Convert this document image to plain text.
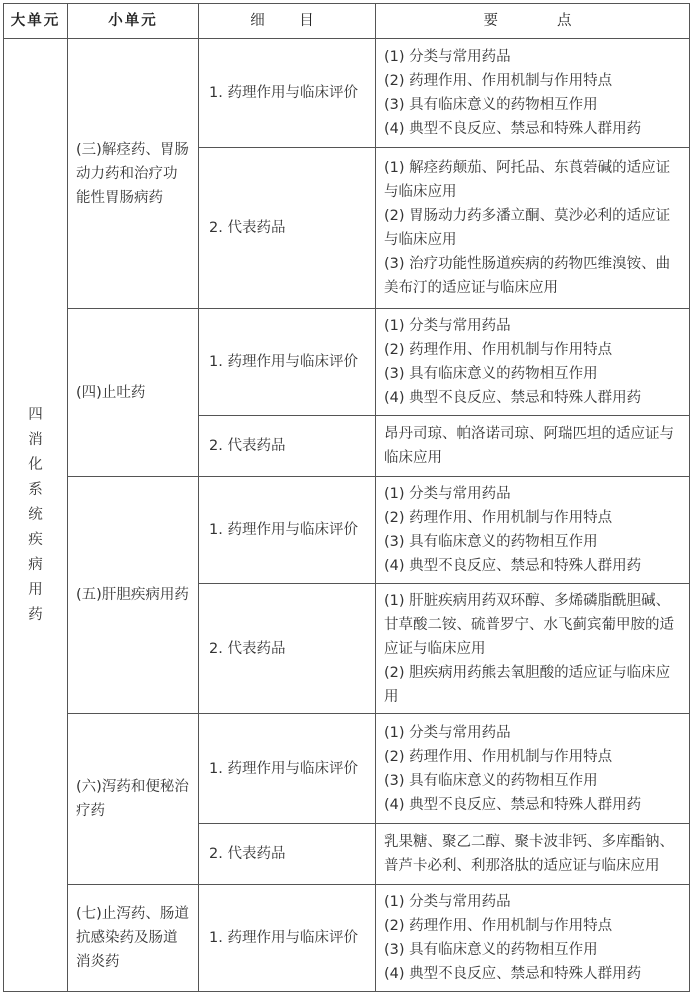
大单元	小单元	细　目	要　　点
四 消化系统疾病用药	(三)解痉药、胃肠动力药和治疗功能性胃肠病药	1. 药理作用与临床评价	(1) 分类与常用药品
(2) 药理作用、作用机制与作用特点
(3) 具有临床意义的药物相互作用
(4) 典型不良反应、禁忌和特殊人群用药

		2. 代表药品	(1) 解痉药颠茄、阿托品、东莨菪碱的适应证与临床应用
(2) 胃肠动力药多潘立酮、莫沙必利的适应证与临床应用
(3) 治疗功能性肠道疾病的药物匹维溴铵、曲美布汀的适应证与临床应用

	(四)止吐药	1. 药理作用与临床评价	(1) 分类与常用药品
(2) 药理作用、作用机制与作用特点
(3) 具有临床意义的药物相互作用
(4) 典型不良反应、禁忌和特殊人群用药

		2. 代表药品	昂丹司琼、帕洛诺司琼、阿瑞匹坦的适应证与临床应用

	(五)肝胆疾病用药	1. 药理作用与临床评价	(1) 分类与常用药品
(2) 药理作用、作用机制与作用特点
(3) 具有临床意义的药物相互作用
(4) 典型不良反应、禁忌和特殊人群用药

		2. 代表药品	(1) 肝脏疾病用药双环醇、多烯磷脂酰胆碱、甘草酸二铵、硫普罗宁、水飞蓟宾葡甲胺的适应证与临床应用
(2) 胆疾病用药熊去氧胆酸的适应证与临床应用

	(六)泻药和便秘治疗药	1. 药理作用与临床评价	(1) 分类与常用药品
(2) 药理作用、作用机制与作用特点
(3) 具有临床意义的药物相互作用
(4) 典型不良反应、禁忌和特殊人群用药

		2. 代表药品	乳果糖、聚乙二醇、聚卡波非钙、多库酯钠、普芦卡必利、利那洛肽的适应证与临床应用

	(七)止泻药、肠道抗感染药及肠道消炎药	1. 药理作用与临床评价	(1) 分类与常用药品
(2) 药理作用、作用机制与作用特点
(3) 具有临床意义的药物相互作用
(4) 典型不良反应、禁忌和特殊人群用药
